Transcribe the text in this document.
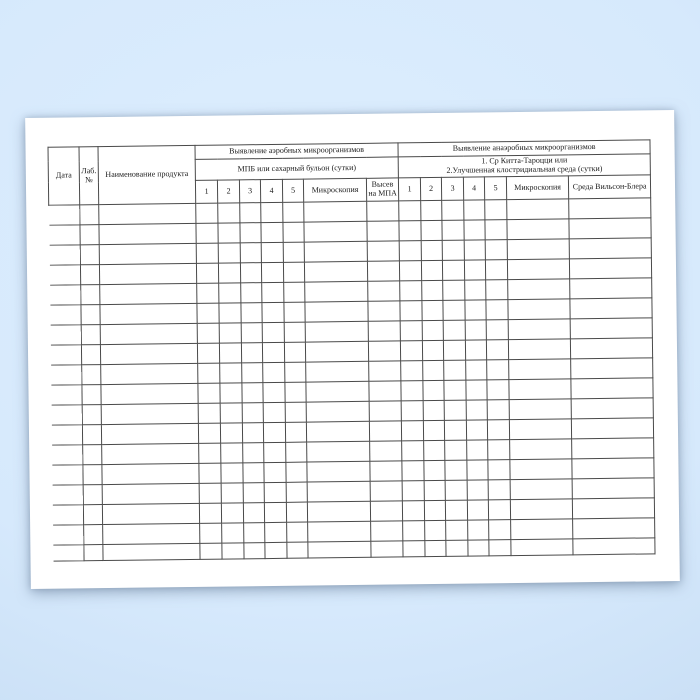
Дата	Лаб. №	Наименование продукта	Выявление аэробных микроорганизмов							Выявление анаэробных микроорганизмов						
			МПБ или сахарный бульон (сутки)							1. Ср Китта-Тароцци или
2.Улучшенная клостридиальная среда (сутки)						

			1	2	3	4	5	Микроскопия	Высев на МПА	1	2	3	4	5	Микроскопия	Среда Вильсон-Блера
